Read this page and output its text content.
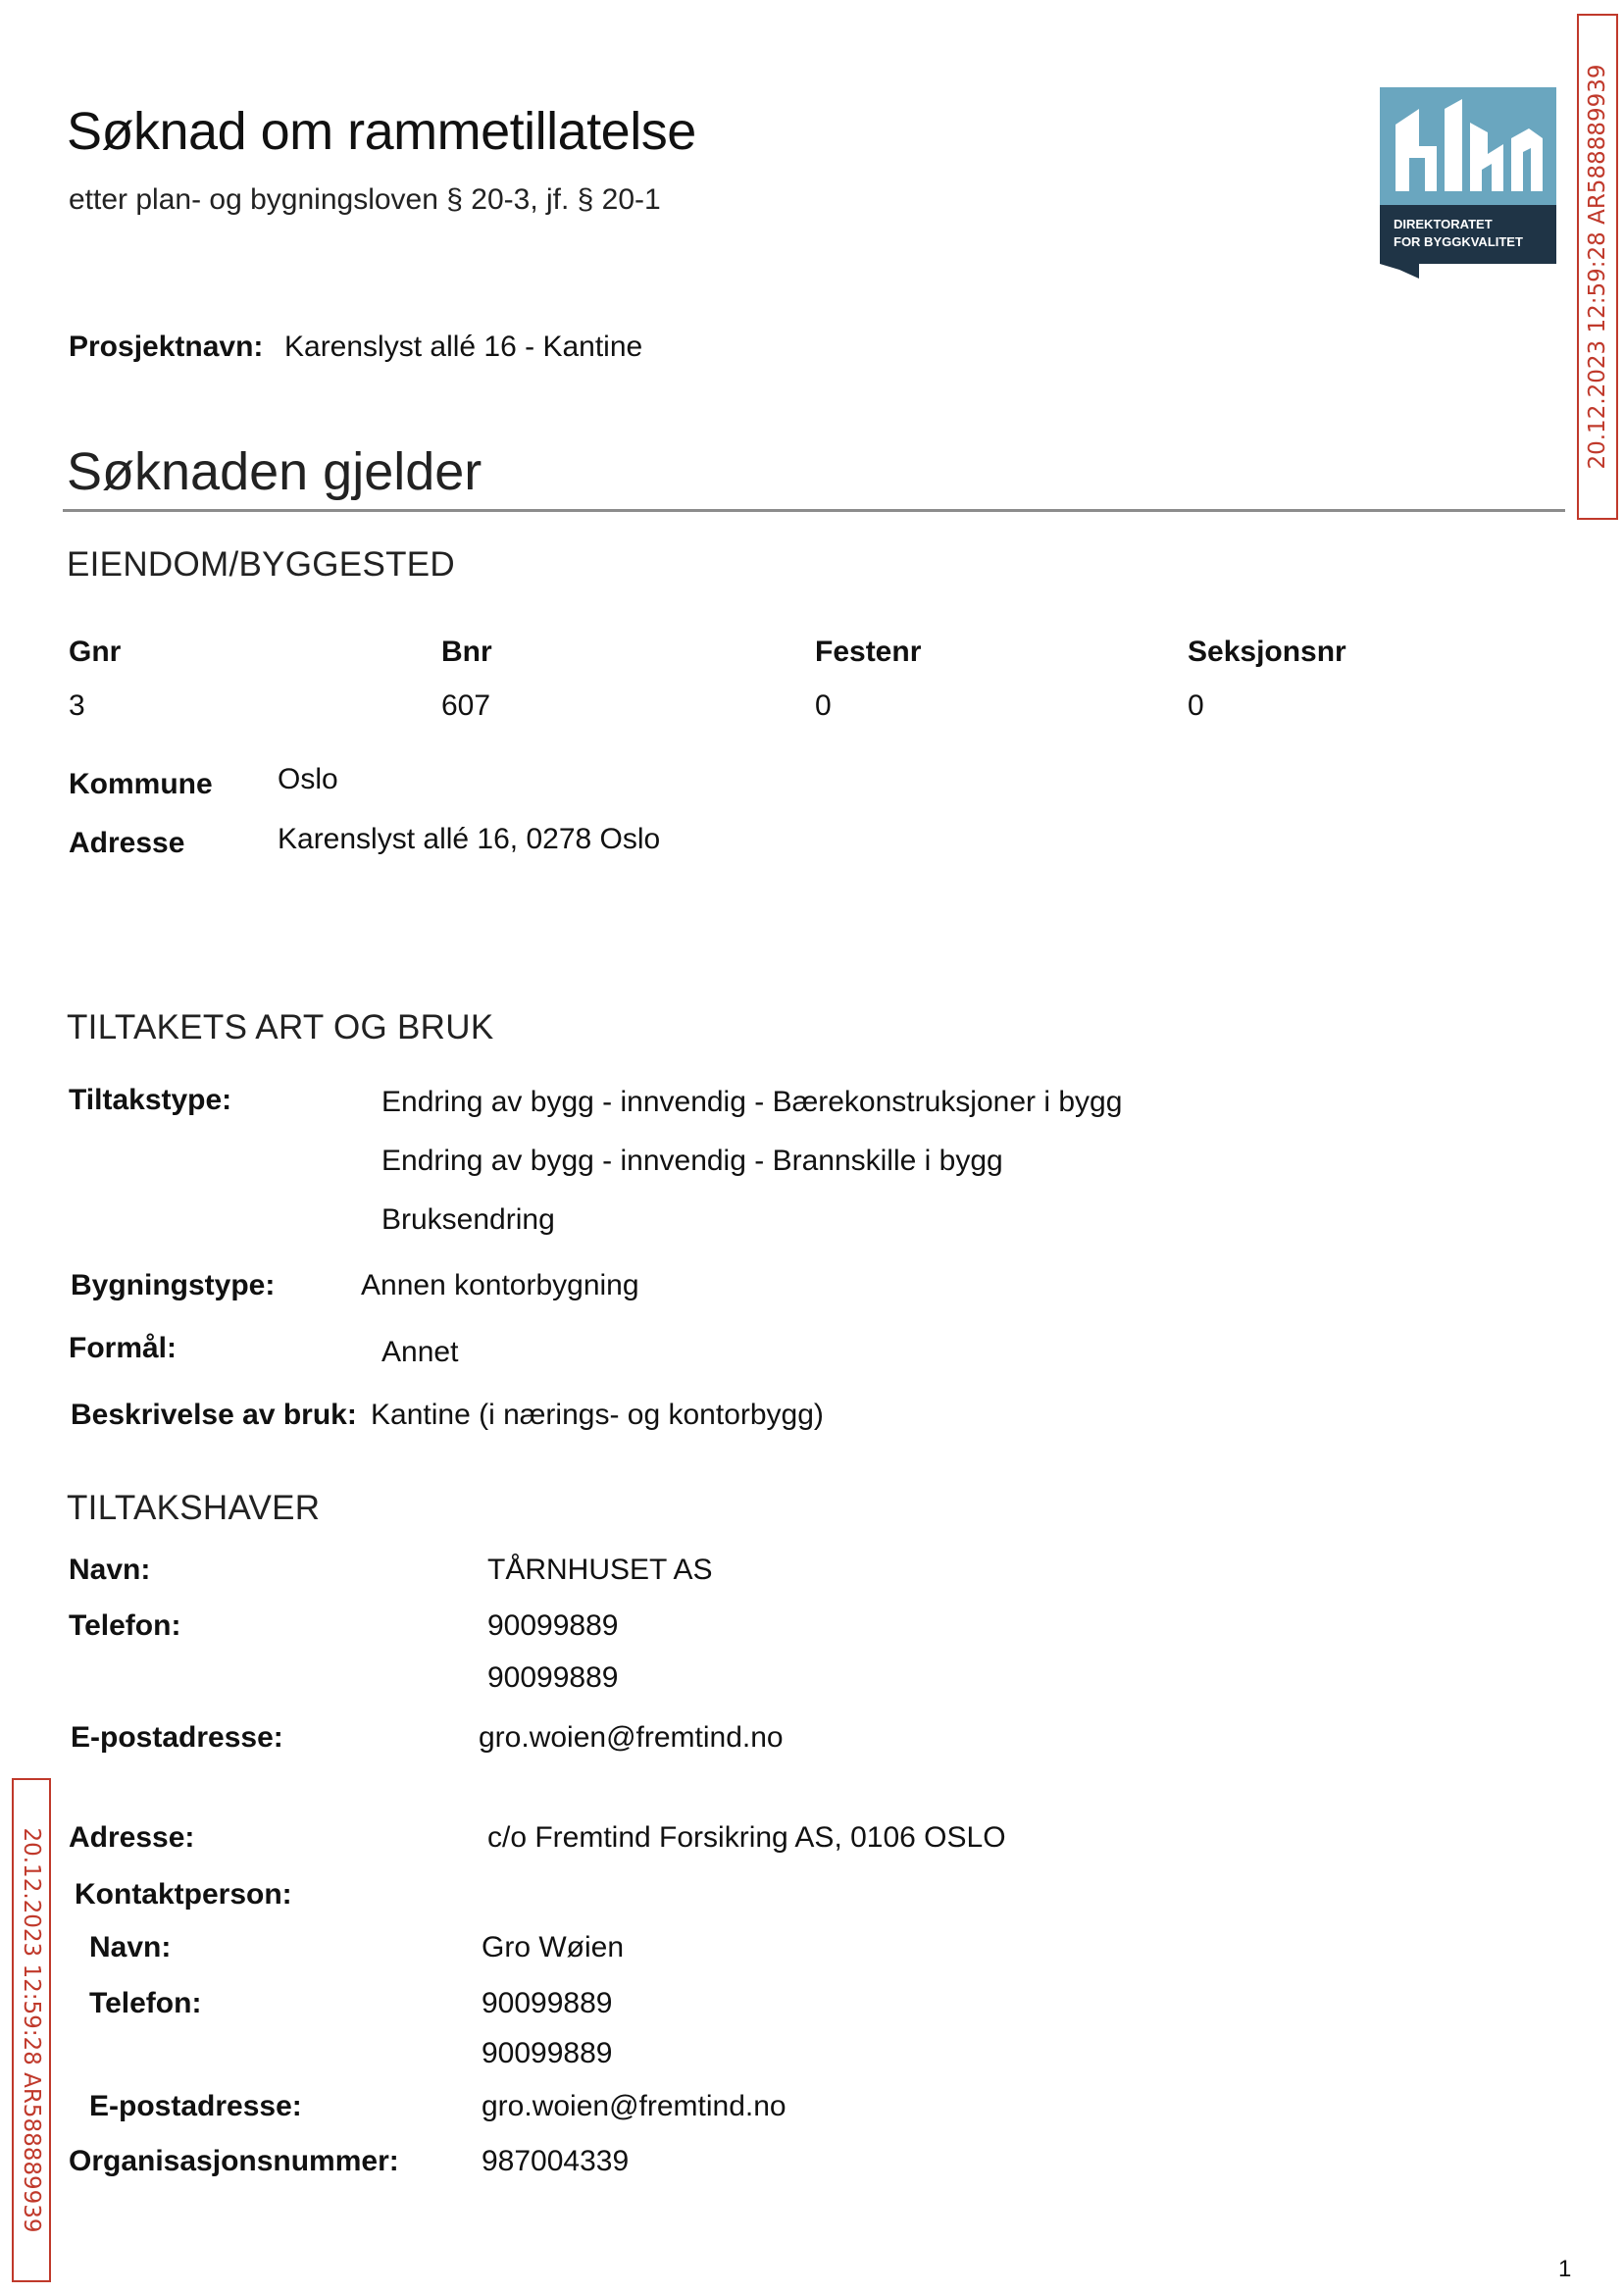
Søknad om rammetillatelse
etter plan- og bygningsloven § 20-3, jf. § 20-1
DIREKTORATET
FOR BYGGKVALITET	20.12.2023 12:59:28 AR588889939
Prosjektnavn: Karenslyst allé 16 - Kantine
Søknaden gjelder
EIENDOM/BYGGESTED
Gnr	Bnr	Festenr	Seksjonsnr
3	607	0	0
Kommune Oslo
Adresse	Karenslyst allé 16, 0278 Oslo
TILTAKETS ART OG BRUK
Tiltakstype:	Endring av bygg - innvendig - Bærekonstruksjoner i bygg
Endring av bygg - innvendig - Brannskille i bygg
Bruksendring
Bygningstype:	Annen kontorbygning
Formål:	Annet
Beskrivelse av bruk: Kantine (i nærings- og kontorbygg)
TILTAKSHAVER
Navn:	TÅRNHUSET AS
Telefon:	90099889
90099889
E-postadresse:	gro.woien@fremtind.no
20.12.2023 12:59:28 AR588889939 Adresse:	c/o Fremtind Forsikring AS, 0106 OSLO
Kontaktperson:
Navn:	Gro Wøien
Telefon:	90099889
90099889
E-postadresse:	gro.woien@fremtind.no
Organisasjonsnummer:	987004339
1
